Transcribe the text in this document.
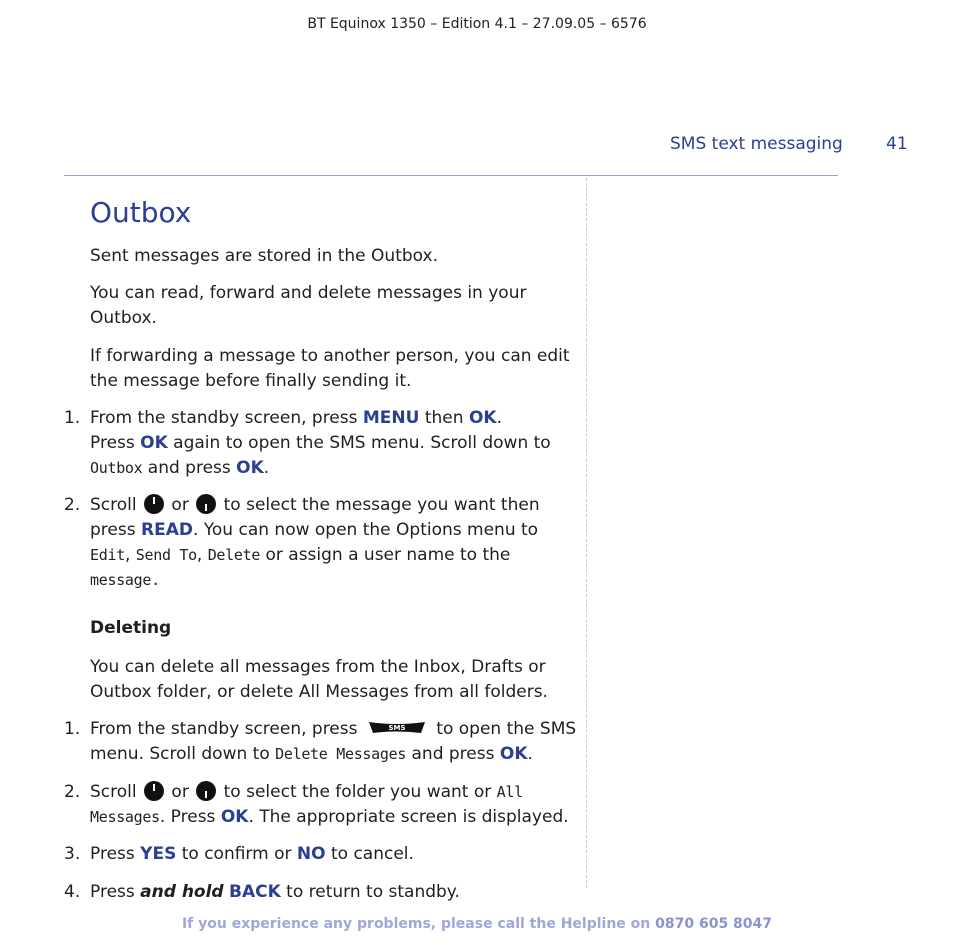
BT Equinox 1350 – Edition 4.1 – 27.09.05 – 6576
SMS text messaging	41
Outbox
Sent messages are stored in the Outbox.
You can read, forward and delete messages in your
Outbox.
If forwarding a message to another person, you can edit
the message before finally sending it.
1. From the standby screen, press MENU then OK.
Press OK again to open the SMS menu. Scroll down to
Outbox and press OK.
2. Scroll  or  to select the message you want then
press READ. You can now open the Options menu to
Edit, Send To, Delete or assign a user name to the
message.
Deleting
You can delete all messages from the Inbox, Drafts or
Outbox folder, or delete All Messages from all folders.
1. From the standby screen, press	SMS to open the SMS
menu. Scroll down to Delete Messages and press OK.
2. Scroll  or  to select the folder you want or All
Messages. Press OK. The appropriate screen is displayed.
3. Press YES to confirm or NO to cancel.
4. Press and hold BACK to return to standby.
If you experience any problems, please call the Helpline on 0870 605 8047
